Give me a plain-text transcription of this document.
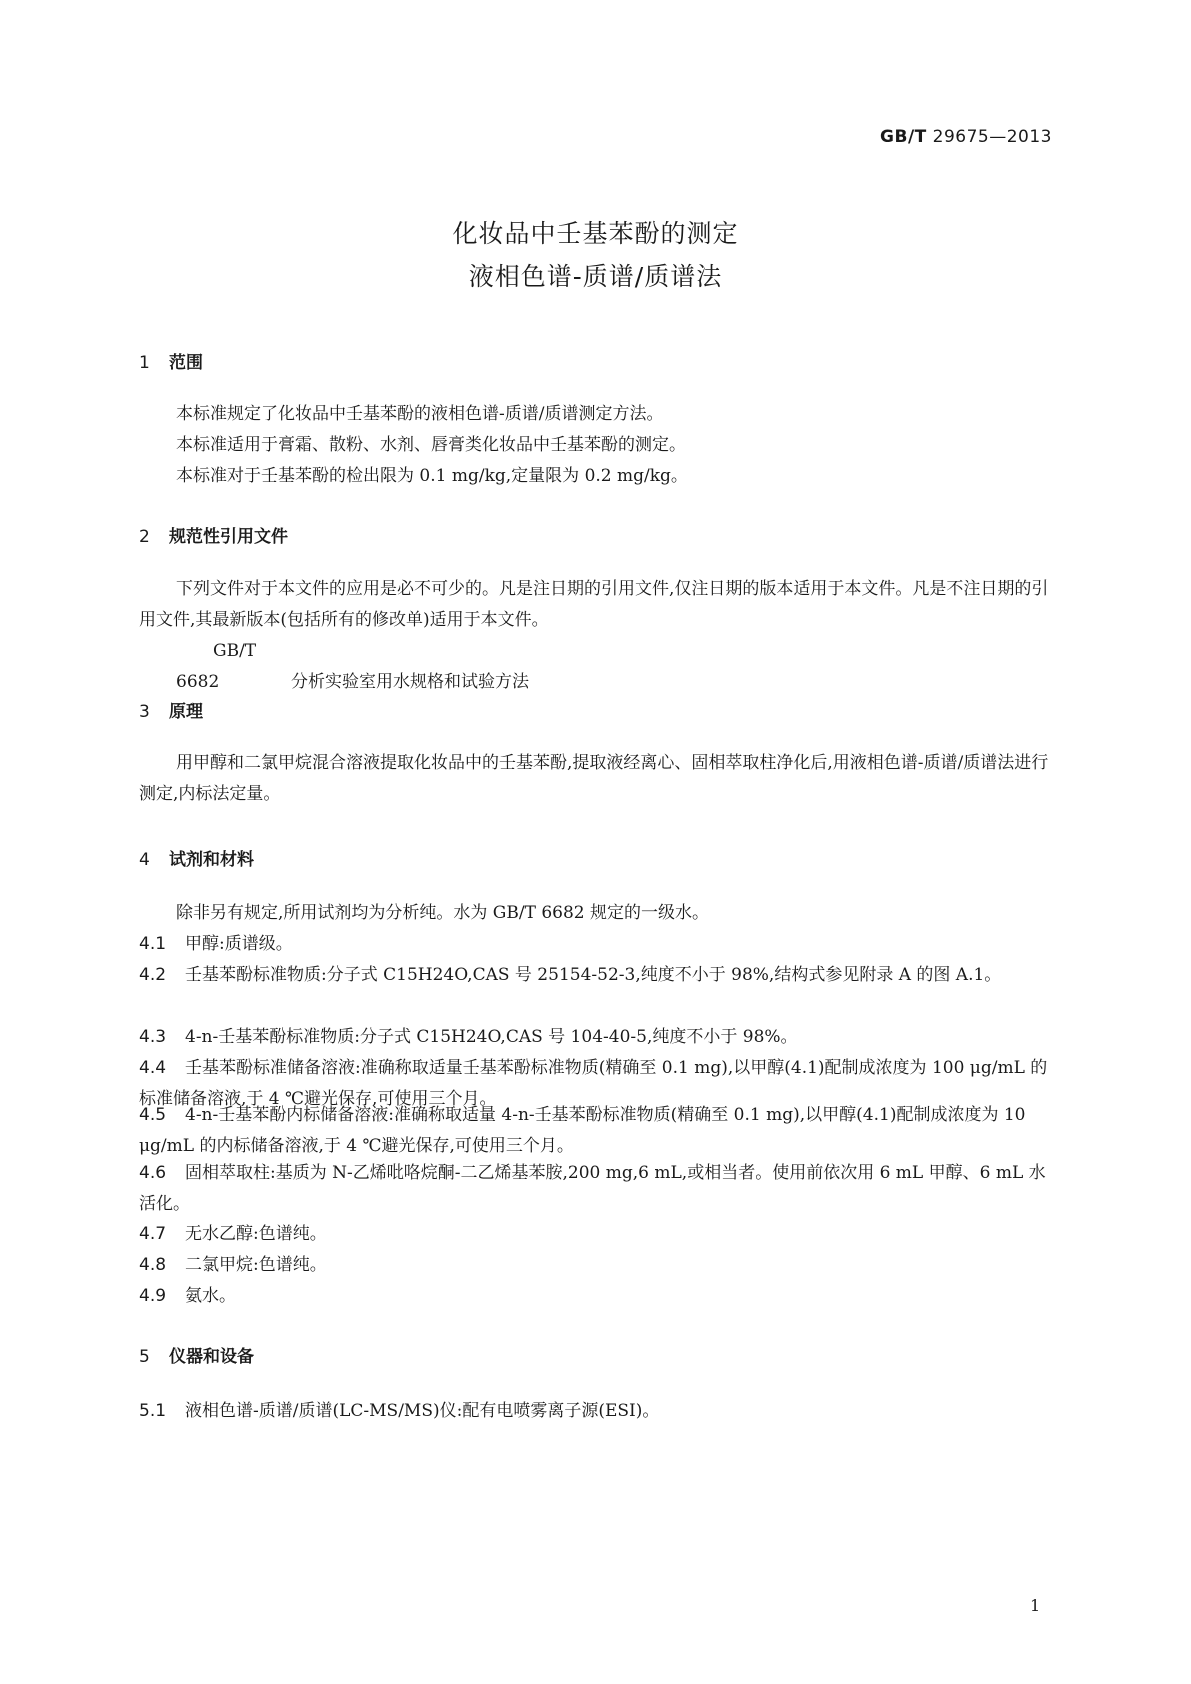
GB/T 29675—2013
化妆品中壬基苯酚的测定
液相色谱-质谱/质谱法
1 范围
本标准规定了化妆品中壬基苯酚的液相色谱-质谱/质谱测定方法。
本标准适用于膏霜、散粉、水剂、唇膏类化妆品中壬基苯酚的测定。
本标准对于壬基苯酚的检出限为 0.1 mg/kg,定量限为 0.2 mg/kg。
2 规范性引用文件
下列文件对于本文件的应用是必不可少的。凡是注日期的引用文件,仅注日期的版本适用于本文件。凡是不注日期的引用文件,其最新版本(包括所有的修改单)适用于本文件。
GB/T 6682	分析实验室用水规格和试验方法
3 原理
用甲醇和二氯甲烷混合溶液提取化妆品中的壬基苯酚,提取液经离心、固相萃取柱净化后,用液相色谱-质谱/质谱法进行测定,内标法定量。
4 试剂和材料
除非另有规定,所用试剂均为分析纯。水为 GB/T 6682 规定的一级水。
4.1 甲醇:质谱级。
4.2 壬基苯酚标准物质:分子式 C15H24O,CAS 号 25154-52-3,纯度不小于 98%,结构式参见附录 A 的图 A.1。
4.3 4-n-壬基苯酚标准物质:分子式 C15H24O,CAS 号 104-40-5,纯度不小于 98%。
4.4 壬基苯酚标准储备溶液:准确称取适量壬基苯酚标准物质(精确至 0.1 mg),以甲醇(4.1)配制成浓度为 100 μg/mL 的标准储备溶液,于 4 ℃避光保存,可使用三个月。
4.5 4-n-壬基苯酚内标储备溶液:准确称取适量 4-n-壬基苯酚标准物质(精确至 0.1 mg),以甲醇(4.1)配制成浓度为 10 μg/mL 的内标储备溶液,于 4 ℃避光保存,可使用三个月。
4.6 固相萃取柱:基质为 N-乙烯吡咯烷酮-二乙烯基苯胺,200 mg,6 mL,或相当者。使用前依次用 6 mL 甲醇、6 mL 水活化。
4.7 无水乙醇:色谱纯。
4.8 二氯甲烷:色谱纯。
4.9 氨水。
5 仪器和设备
5.1 液相色谱-质谱/质谱(LC-MS/MS)仪:配有电喷雾离子源(ESI)。
1
